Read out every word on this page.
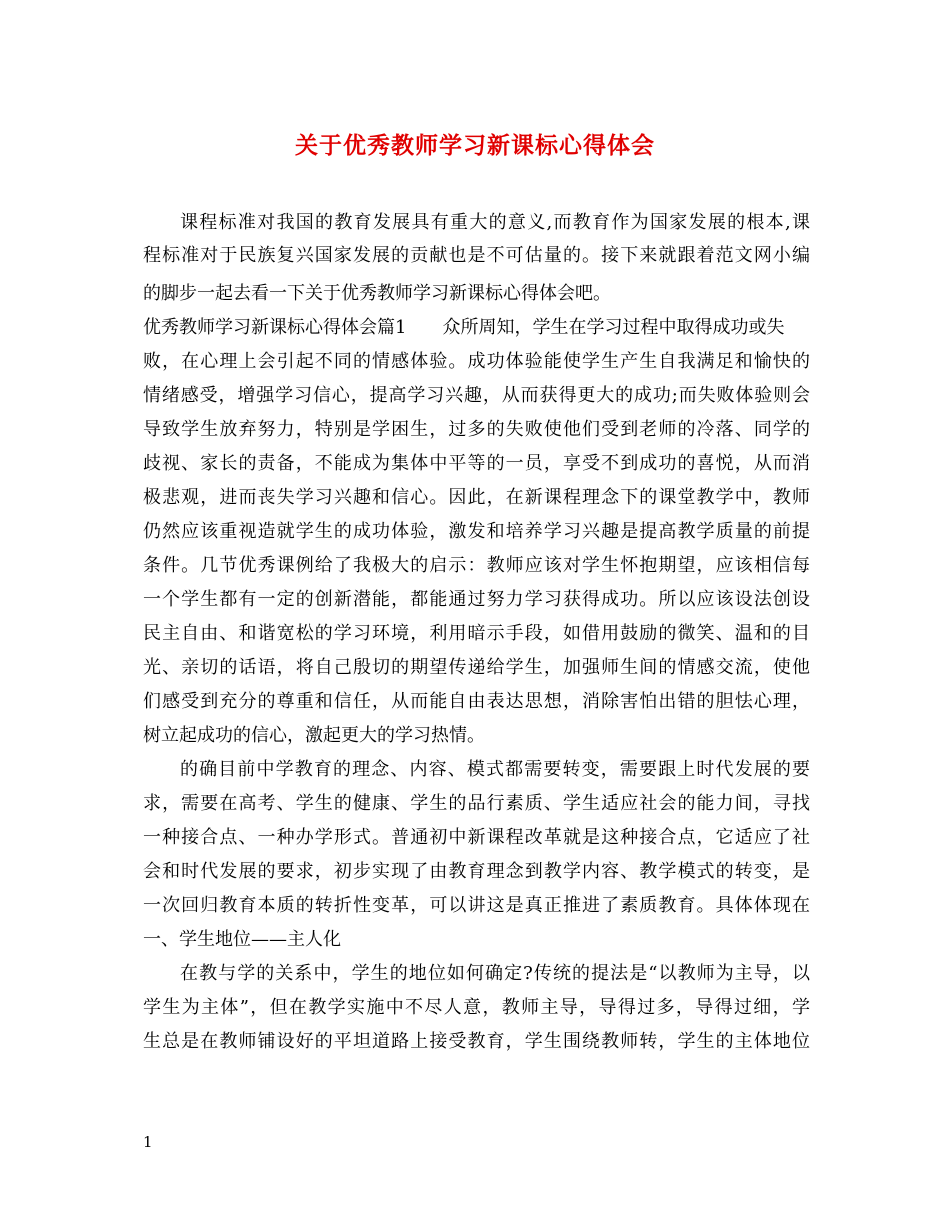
关于优秀教师学习新课标心得体会
课程标准对我国的教育发展具有重大的意义,而教育作为国家发展的根本,课
程标准对于民族复兴国家发展的贡献也是不可估量的。接下来就跟着范文网小编
的脚步一起去看一下关于优秀教师学习新课标心得体会吧。
优秀教师学习新课标心得体会篇1 众所周知，学生在学习过程中取得成功或失
败，在心理上会引起不同的情感体验。成功体验能使学生产生自我满足和愉快的
情绪感受，增强学习信心，提高学习兴趣，从而获得更大的成功;而失败体验则会
导致学生放弃努力，特别是学困生，过多的失败使他们受到老师的冷落、同学的
歧视、家长的责备，不能成为集体中平等的一员，享受不到成功的喜悦，从而消
极悲观，进而丧失学习兴趣和信心。因此，在新课程理念下的课堂教学中，教师
仍然应该重视造就学生的成功体验，激发和培养学习兴趣是提高教学质量的前提
条件。几节优秀课例给了我极大的启示：教师应该对学生怀抱期望，应该相信每
一个学生都有一定的创新潜能，都能通过努力学习获得成功。所以应该设法创设
民主自由、和谐宽松的学习环境，利用暗示手段，如借用鼓励的微笑、温和的目
光、亲切的话语，将自己殷切的期望传递给学生，加强师生间的情感交流，使他
们感受到充分的尊重和信任，从而能自由表达思想，消除害怕出错的胆怯心理，
树立起成功的信心，激起更大的学习热情。
的确目前中学教育的理念、内容、模式都需要转变，需要跟上时代发展的要
求，需要在高考、学生的健康、学生的品行素质、学生适应社会的能力间，寻找
一种接合点、一种办学形式。普通初中新课程改革就是这种接合点，它适应了社
会和时代发展的要求，初步实现了由教育理念到教学内容、教学模式的转变，是
一次回归教育本质的转折性变革，可以讲这是真正推进了素质教育。具体体现在
一、学生地位——主人化
在教与学的关系中，学生的地位如何确定?传统的提法是“以教师为主导，以
学生为主体”，但在教学实施中不尽人意，教师主导，导得过多，导得过细，学
生总是在教师铺设好的平坦道路上接受教育，学生围绕教师转，学生的主体地位
1
